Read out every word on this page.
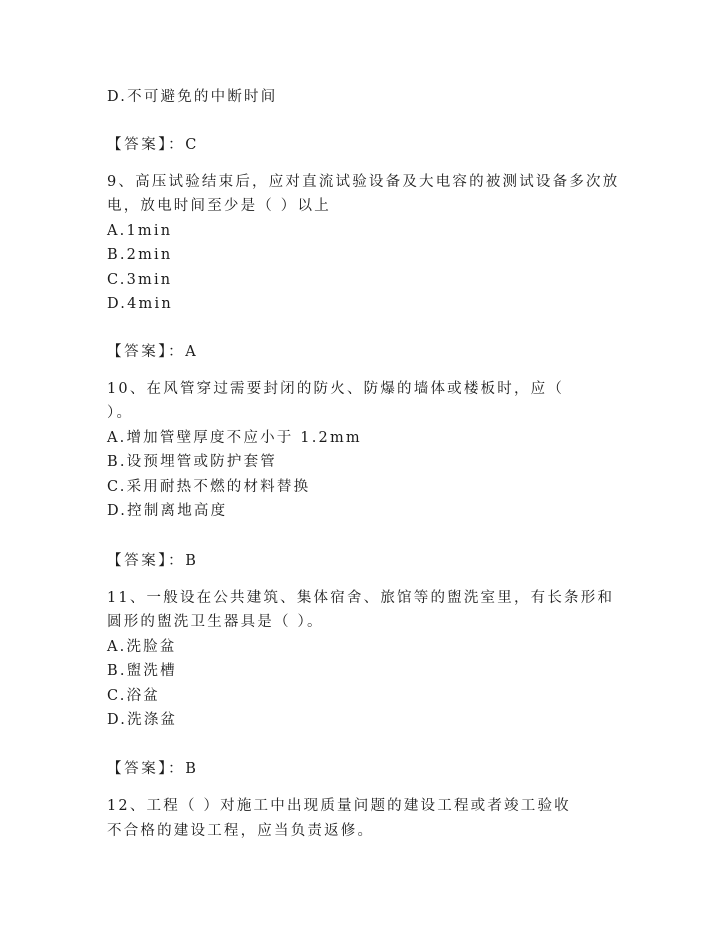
D.不可避免的中断时间
【答案】：C
9、高压试验结束后，应对直流试验设备及大电容的被测试设备多次放
电，放电时间至少是（ ）以上
A.1min
B.2min
C.3min
D.4min
【答案】：A
10、在风管穿过需要封闭的防火、防爆的墙体或楼板时，应（
）。
A.增加管壁厚度不应小于 1.2mm
B.设预埋管或防护套管
C.采用耐热不燃的材料替换
D.控制离地高度
【答案】：B
11、一般设在公共建筑、集体宿舍、旅馆等的盥洗室里，有长条形和
圆形的盥洗卫生器具是（ ）。
A.洗脸盆
B.盥洗槽
C.浴盆
D.洗涤盆
【答案】：B
12、工程（ ）对施工中出现质量问题的建设工程或者竣工验收
不合格的建设工程，应当负责返修。
